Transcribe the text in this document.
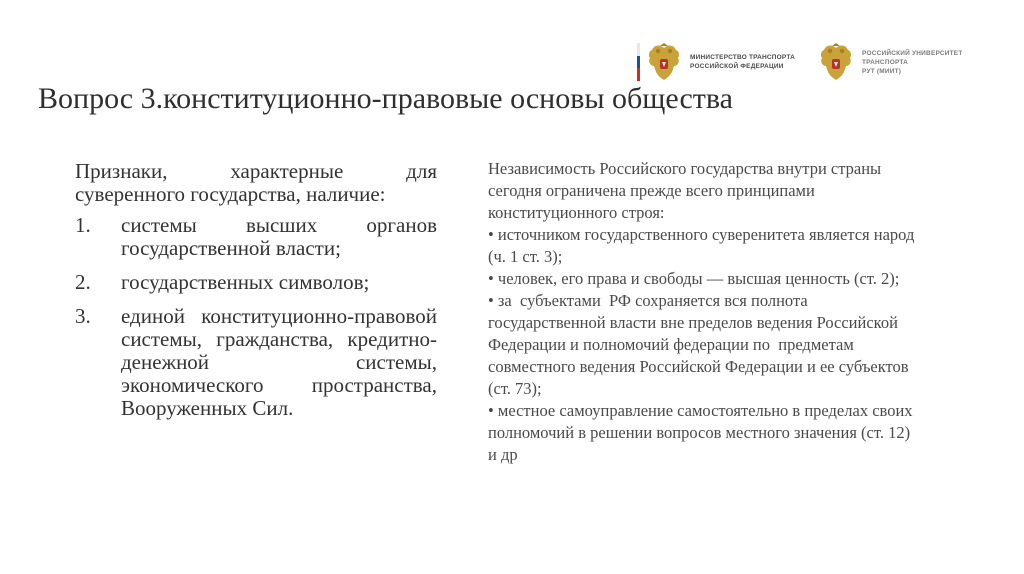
МИНИСТЕРСТВО ТРАНСПОРТА
РОССИЙСКОЙ ФЕДЕРАЦИИ
РОССИЙСКИЙ УНИВЕРСИТЕТ
ТРАНСПОРТА
РУТ (МИИТ)
Вопрос 3.конституционно-правовые основы общества

Признаки, характерные для суверенного государства, наличие:

1.	системы высших органов государственной власти;
2.	государственных символов;
3.	единой конституционно-правовой системы, гражданства, кредитно-денежной системы, экономического пространства, Вооруженных Сил.

Независимость Российского государства внутри страны

сегодня ограничена прежде всего принципами

конституционного строя:

• источником государственного суверенитета является народ

(ч. 1 ст. 3);

• человек, его права и свободы — высшая ценность (ст. 2);

• за  субъектами  РФ сохраняется вся полнота

государственной власти вне пределов ведения Российской

Федерации и полномочий федерации по  предметам

совместного ведения Российской Федерации и ее субъектов

(ст. 73);

• местное самоуправление самостоятельно в пределах своих

полномочий в решении вопросов местного значения (ст. 12)

и др
